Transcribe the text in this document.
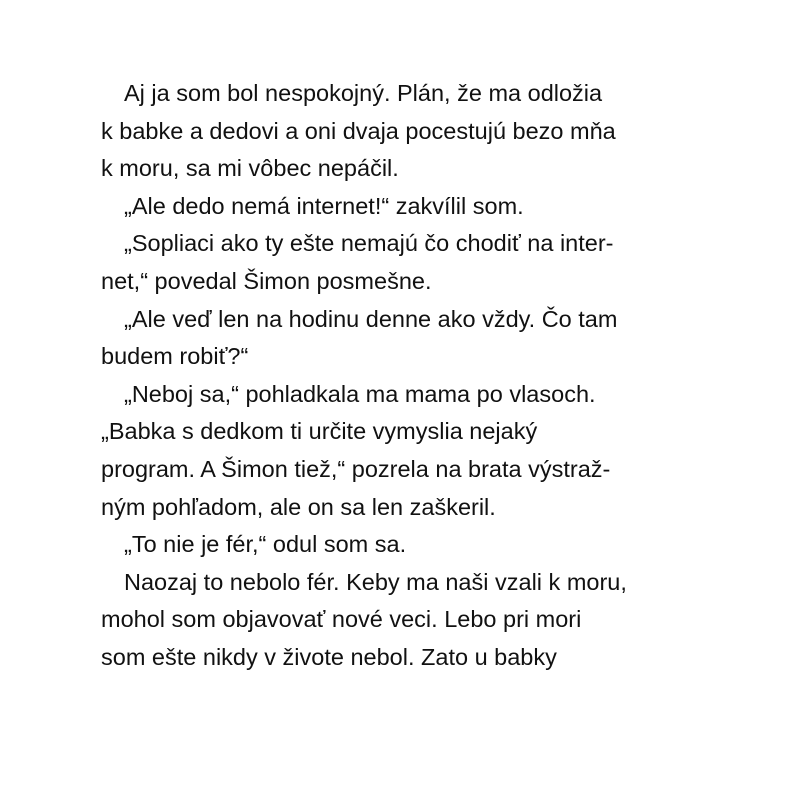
Aj ja som bol nespokojný. Plán, že ma odložia
k babke a dedovi a oni dvaja pocestujú bezo mňa
k moru, sa mi vôbec nepáčil.
„Ale dedo nemá internet!“ zakvílil som.
„Sopliaci ako ty ešte nemajú čo chodiť na inter-
net,“ povedal Šimon posmešne.
„Ale veď len na hodinu denne ako vždy. Čo tam
budem robiť?“
„Neboj sa,“ pohladkala ma mama po vlasoch.
„Babka s dedkom ti určite vymyslia nejaký
program. A Šimon tiež,“ pozrela na brata výstraž-
ným pohľadom, ale on sa len zaškeril.
„To nie je fér,“ odul som sa.
Naozaj to nebolo fér. Keby ma naši vzali k moru,
mohol som objavovať nové veci. Lebo pri mori
som ešte nikdy v živote nebol. Zato u babky
